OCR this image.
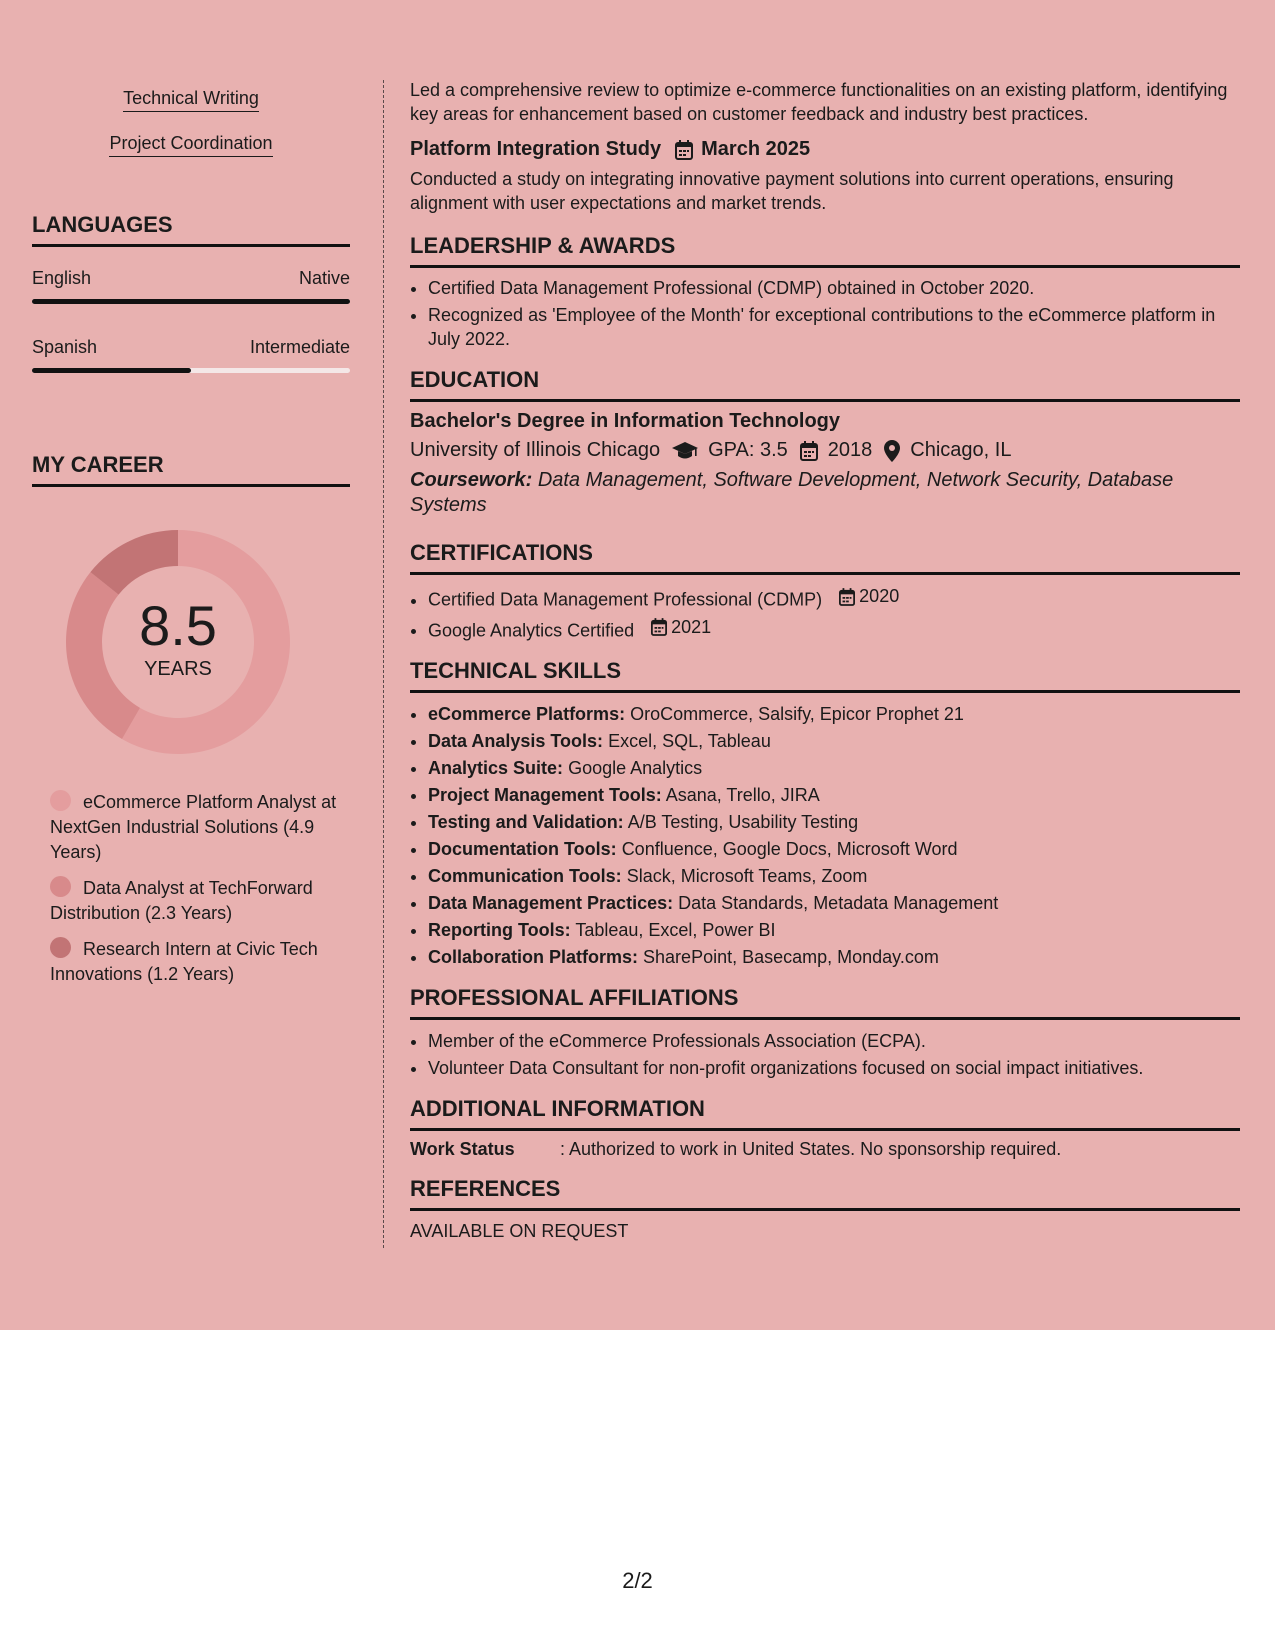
Technical Writing
Project Coordination
LANGUAGES
English	Native
Spanish	Intermediate
MY CAREER
8.5
YEARS
eCommerce Platform Analyst at NextGen Industrial Solutions (4.9 Years)
Data Analyst at TechForward Distribution (2.3 Years)
Research Intern at Civic Tech Innovations (1.2 Years)
Led a comprehensive review to optimize e-commerce functionalities on an existing platform, identifying key areas for enhancement based on customer feedback and industry best practices.
Platform Integration Study March 2025
Conducted a study on integrating innovative payment solutions into current operations, ensuring alignment with user expectations and market trends.
LEADERSHIP & AWARDS
• Certified Data Management Professional (CDMP) obtained in October 2020.
• Recognized as 'Employee of the Month' for exceptional contributions to the eCommerce platform in July 2022.
EDUCATION
Bachelor's Degree in Information Technology
University of Illinois Chicago GPA: 3.5 2018 Chicago, IL
Coursework: Data Management, Software Development, Network Security, Database Systems
CERTIFICATIONS
• Certified Data Management Professional (CDMP) 2020
• Google Analytics Certified 2021
TECHNICAL SKILLS
• eCommerce Platforms: OroCommerce, Salsify, Epicor Prophet 21
• Data Analysis Tools: Excel, SQL, Tableau
• Analytics Suite: Google Analytics
• Project Management Tools: Asana, Trello, JIRA
• Testing and Validation: A/B Testing, Usability Testing
• Documentation Tools: Confluence, Google Docs, Microsoft Word
• Communication Tools: Slack, Microsoft Teams, Zoom
• Data Management Practices: Data Standards, Metadata Management
• Reporting Tools: Tableau, Excel, Power BI
• Collaboration Platforms: SharePoint, Basecamp, Monday.com
PROFESSIONAL AFFILIATIONS
• Member of the eCommerce Professionals Association (ECPA).
• Volunteer Data Consultant for non-profit organizations focused on social impact initiatives.
ADDITIONAL INFORMATION
Work Status	: Authorized to work in United States. No sponsorship required.
REFERENCES
AVAILABLE ON REQUEST
2/2
